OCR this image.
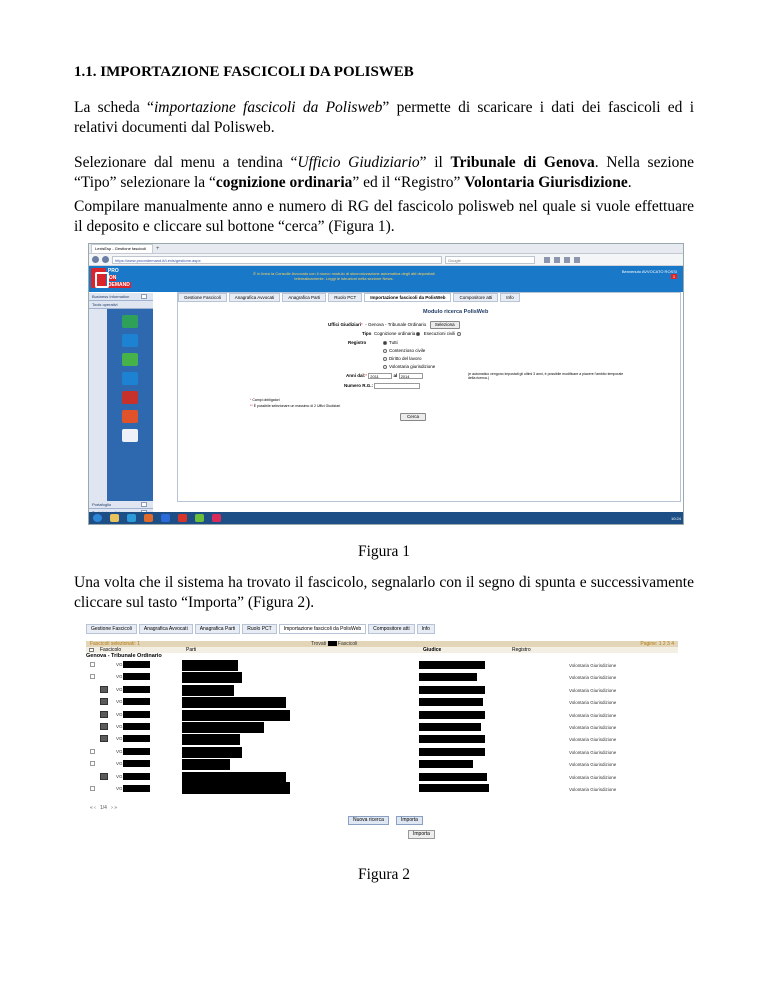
1.1. IMPORTAZIONE FASCICOLI DA POLISWEB

La scheda “importazione fascicoli da Polisweb” permette di scaricare i dati dei fascicoli ed i relativi documenti dal Polisweb.

Selezionare dal menu a tendina “Ufficio Giudiziario” il Tribunale di Genova. Nella sezione “Tipo” selezionare la “cognizione ordinaria” ed il “Registro” Volontaria Giurisdizione.

Compilare manualmente anno e numero di RG del fascicolo polisweb nel quale si vuole effettuare il deposito e cliccare sul bottone “cerca” (Figura 1).

LexisEsp - Gestione fascicoli	+
https://www.proondemand.it/Lexis/gestione.aspx	Google
PRO
ON DEMAND
È in linea la Consolle Avvocato con il nuovo modulo di sincronizzazione automatica degli atti depositati telematicamente. Leggi le istruzioni nella sezione News.
Benvenuto AVVOCATO ROSSI
1
Business Information
Tools operativi
Portafoglio
Gestione Fascicoli	Anagrafica Avvocati	Anagrafica Parti	Ruolo PCT	Importazione fascicoli da PolisWeb	Compositore atti	Info
Modulo ricerca PolisWeb
Uffici Giudiziari* - Genova - Tribunale Ordinario Seleziona
Tipo Cognizione ordinaria Esecuzioni civili
Registro	Tutti
Contenzioso civile
Diritto del lavoro
Volontaria giurisdizione
Anni dal:* 2011	al 2014	(e automatico vengono impostati gli ultimi 3 anni, è possibile modificare a piacere l'ambito temporale della ricerca.)
Numero R.G.:
* Campi obbligatori
** È possibile selezionare un massimo di 2 Uffici Giudiziari
Cerca
10:24
Figura 1

Una volta che il sistema ha trovato il fascicolo, segnalarlo con il segno di spunta e successivamente cliccare sul tasto “Importa” (Figura 2).

Gestione Fascicoli	Anagrafica Avvocati	Anagrafica Parti	Ruolo PCT	Importazione fascicoli da PolisWeb	Compositore atti	Info
Fascicoli selezionati: 1	Trovati Fascicoli	Pagine: 1 2 3 4
Fascicolo	Parti	Giudice	Registro
Genova - Tribunale Ordinario
VG	Volontaria Giurisdizione
VG	Volontaria Giurisdizione
VG	Volontaria Giurisdizione
VG	Volontaria Giurisdizione
VG	Volontaria Giurisdizione
VG	Volontaria Giurisdizione
VG	Volontaria Giurisdizione
VG	Volontaria Giurisdizione
VG	Volontaria Giurisdizione
VG	Volontaria Giurisdizione
VG	Volontaria Giurisdizione
« ‹   1/4   › »
Nuova ricerca	Importa
Importa
Figura 2
